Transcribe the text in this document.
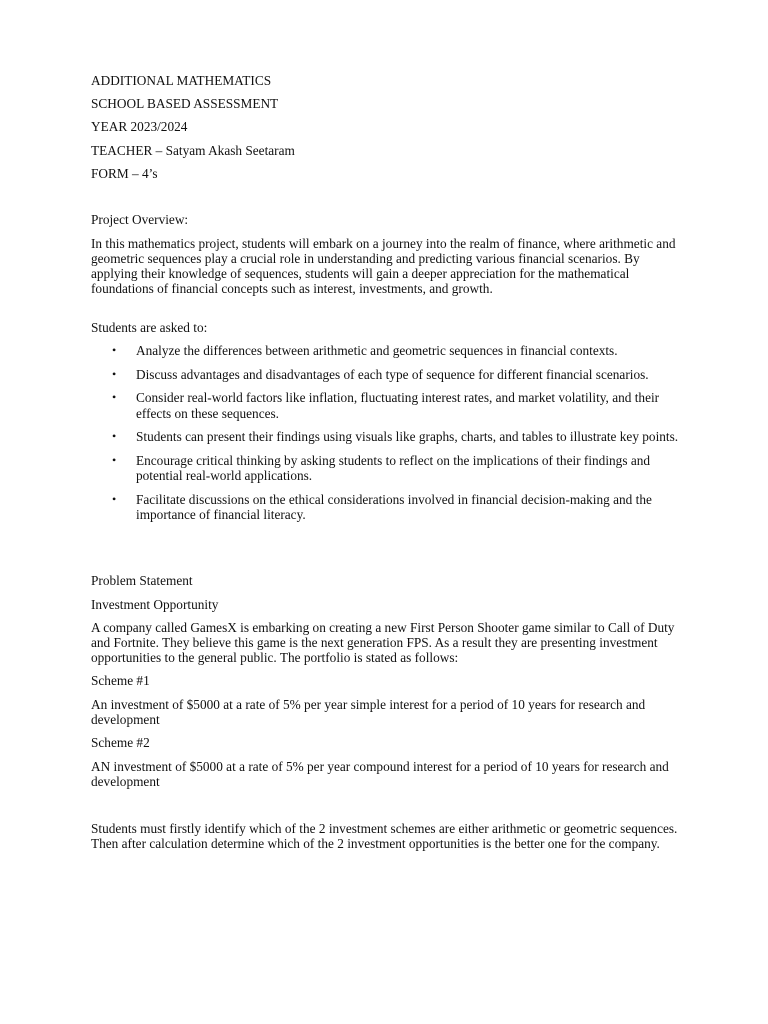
ADDITIONAL MATHEMATICS

SCHOOL BASED ASSESSMENT

YEAR 2023/2024

TEACHER – Satyam Akash Seetaram

FORM – 4’s

Project Overview:

In this mathematics project, students will embark on a journey into the realm of finance, where arithmetic and geometric sequences play a crucial role in understanding and predicting various financial scenarios. By applying their knowledge of sequences, students will gain a deeper appreciation for the mathematical foundations of financial concepts such as interest, investments, and growth.

Students are asked to:

• Analyze the differences between arithmetic and geometric sequences in financial contexts.
• Discuss advantages and disadvantages of each type of sequence for different financial scenarios.
• Consider real-world factors like inflation, fluctuating interest rates, and market volatility, and their effects on these sequences.
• Students can present their findings using visuals like graphs, charts, and tables to illustrate key points.
• Encourage critical thinking by asking students to reflect on the implications of their findings and potential real-world applications.
• Facilitate discussions on the ethical considerations involved in financial decision-making and the importance of financial literacy.

Problem Statement

Investment Opportunity

A company called GamesX is embarking on creating a new First Person Shooter game similar to Call of Duty and Fortnite. They believe this game is the next generation FPS. As a result they are presenting investment opportunities to the general public. The portfolio is stated as follows:

Scheme #1

An investment of $5000 at a rate of 5% per year simple interest for a period of 10 years for research and development

Scheme #2

AN investment of $5000 at a rate of 5% per year compound interest for a period of 10 years for research and development

Students must firstly identify which of the 2 investment schemes are either arithmetic or geometric sequences. Then after calculation determine which of the 2 investment opportunities is the better one for the company.
